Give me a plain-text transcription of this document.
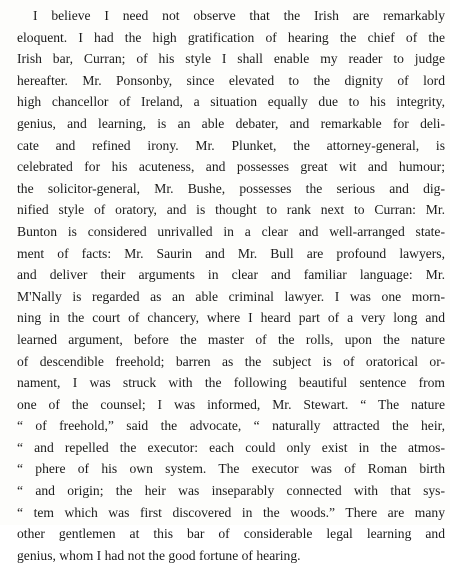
I believe I need not observe that the Irish are remarkably
eloquent. I had the high gratification of hearing the chief of the
Irish bar, Curran; of his style I shall enable my reader to judge
hereafter. Mr. Ponsonby, since elevated to the dignity of lord
high chancellor of Ireland, a situation equally due to his integrity,
genius, and learning, is an able debater, and remarkable for deli-
cate and refined irony. Mr. Plunket, the attorney-general, is
celebrated for his acuteness, and possesses great wit and humour;
the solicitor-general, Mr. Bushe, possesses the serious and dig-
nified style of oratory, and is thought to rank next to Curran: Mr.
Bunton is considered unrivalled in a clear and well-arranged state-
ment of facts: Mr. Saurin and Mr. Bull are profound lawyers,
and deliver their arguments in clear and familiar language: Mr.
M'Nally is regarded as an able criminal lawyer. I was one morn-
ning in the court of chancery, where I heard part of a very long and
learned argument, before the master of the rolls, upon the nature
of descendible freehold; barren as the subject is of oratorical or-
nament, I was struck with the following beautiful sentence from
one of the counsel; I was informed, Mr. Stewart. “ The nature
“ of freehold,” said the advocate, “ naturally attracted the heir,
“ and repelled the executor: each could only exist in the atmos-
“ phere of his own system. The executor was of Roman birth
“ and origin; the heir was inseparably connected with that sys-
“ tem which was first discovered in the woods.” There are many
other gentlemen at this bar of considerable legal learning and
genius, whom I had not the good fortune of hearing.
